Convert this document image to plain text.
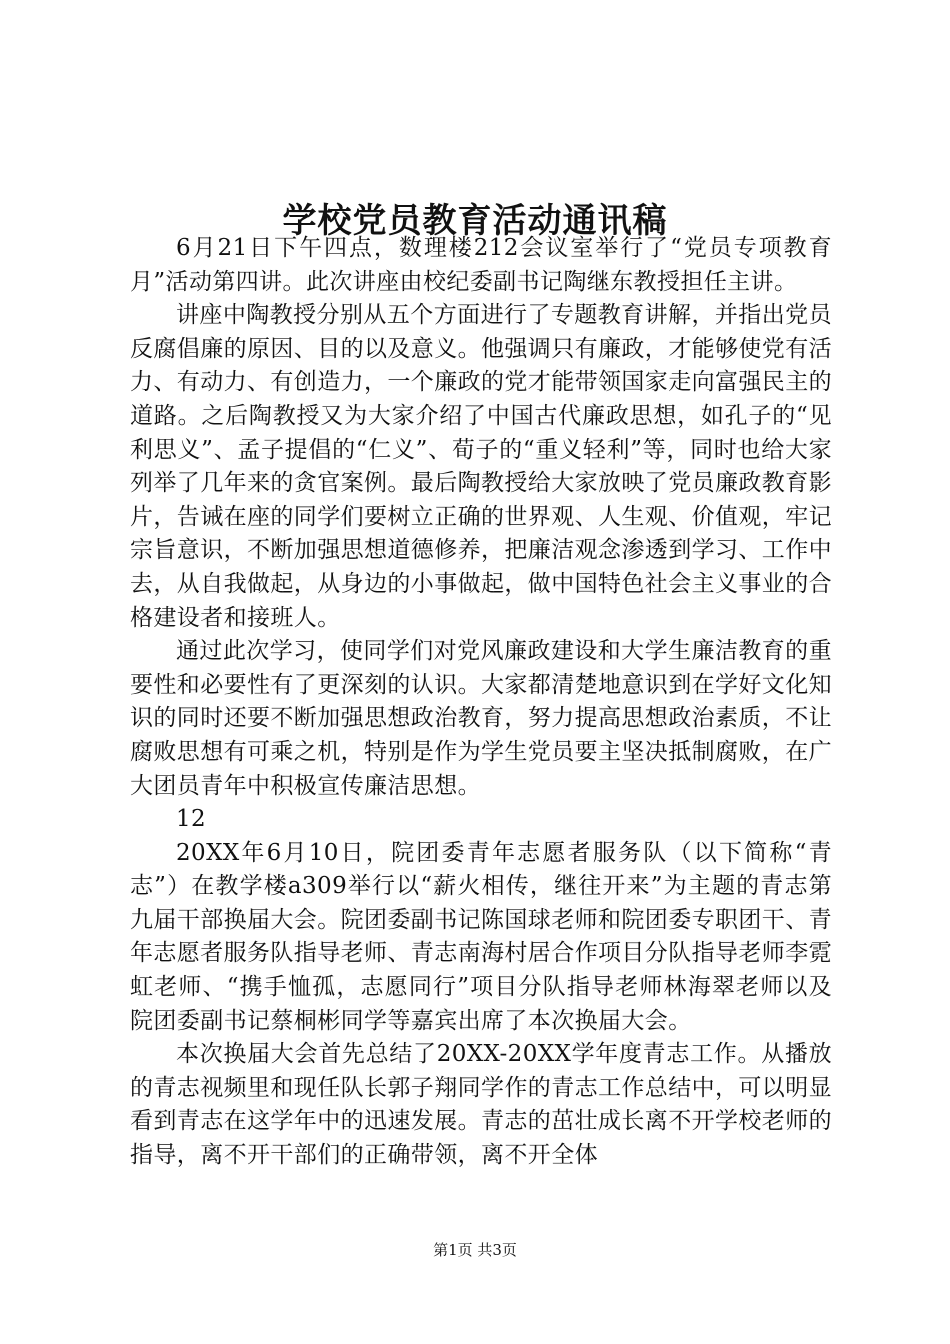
学校党员教育活动通讯稿

6月21日下午四点，数理楼212会议室举行了“党员专项教育月”活动第四讲。此次讲座由校纪委副书记陶继东教授担任主讲。

讲座中陶教授分别从五个方面进行了专题教育讲解，并指出党员反腐倡廉的原因、目的以及意义。他强调只有廉政，才能够使党有活力、有动力、有创造力，一个廉政的党才能带领国家走向富强民主的道路。之后陶教授又为大家介绍了中国古代廉政思想，如孔子的“见利思义”、孟子提倡的“仁义”、荀子的“重义轻利”等，同时也给大家列举了几年来的贪官案例。最后陶教授给大家放映了党员廉政教育影片，告诫在座的同学们要树立正确的世界观、人生观、价值观，牢记宗旨意识，不断加强思想道德修养，把廉洁观念渗透到学习、工作中去，从自我做起，从身边的小事做起，做中国特色社会主义事业的合格建设者和接班人。

通过此次学习，使同学们对党风廉政建设和大学生廉洁教育的重要性和必要性有了更深刻的认识。大家都清楚地意识到在学好文化知识的同时还要不断加强思想政治教育，努力提高思想政治素质，不让腐败思想有可乘之机，特别是作为学生党员要主坚决抵制腐败，在广大团员青年中积极宣传廉洁思想。

12

20XX年6月10日，院团委青年志愿者服务队（以下简称“青志”）在教学楼a309举行以“薪火相传，继往开来”为主题的青志第九届干部换届大会。院团委副书记陈国球老师和院团委专职团干、青年志愿者服务队指导老师、青志南海村居合作项目分队指导老师李霓虹老师、“携手恤孤，志愿同行”项目分队指导老师林海翠老师以及院团委副书记蔡桐彬同学等嘉宾出席了本次换届大会。

本次换届大会首先总结了20XX-20XX学年度青志工作。从播放的青志视频里和现任队长郭子翔同学作的青志工作总结中，可以明显看到青志在这学年中的迅速发展。青志的茁壮成长离不开学校老师的指导，离不开干部们的正确带领，离不开全体

第1页 共3页
